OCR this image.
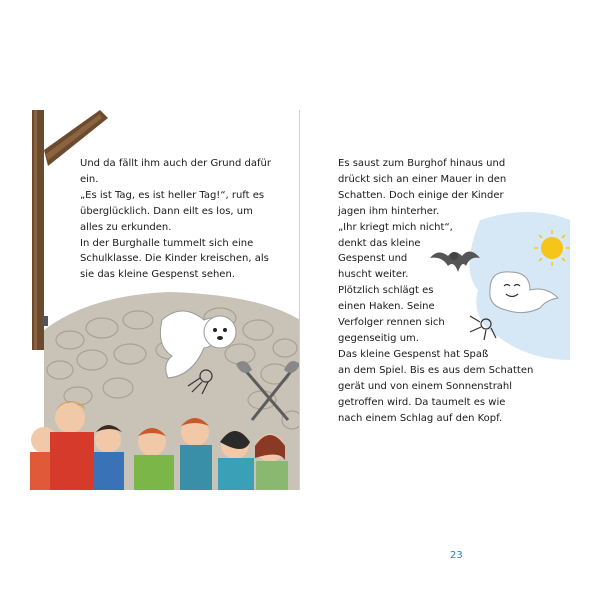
Und da fällt ihm auch der Grund dafür
ein.
„Es ist Tag, es ist heller Tag!“, ruft es
überglücklich. Dann eilt es los, um
alles zu erkunden.
In der Burghalle tummelt sich eine
Schulklasse. Die Kinder kreischen, als
sie das kleine Gespenst sehen.
Es saust zum Burghof hinaus und
drückt sich an einer Mauer in den
Schatten. Doch einige der Kinder
jagen ihm hinterher.
„Ihr kriegt mich nicht“,
denkt das kleine
Gespenst und
huscht weiter.
Plötzlich schlägt es
einen Haken. Seine
Verfolger rennen sich
gegenseitig um.
Das kleine Gespenst hat Spaß
an dem Spiel. Bis es aus dem Schatten
gerät und von einem Sonnenstrahl
getroffen wird. Da taumelt es wie
nach einem Schlag auf den Kopf.
23
